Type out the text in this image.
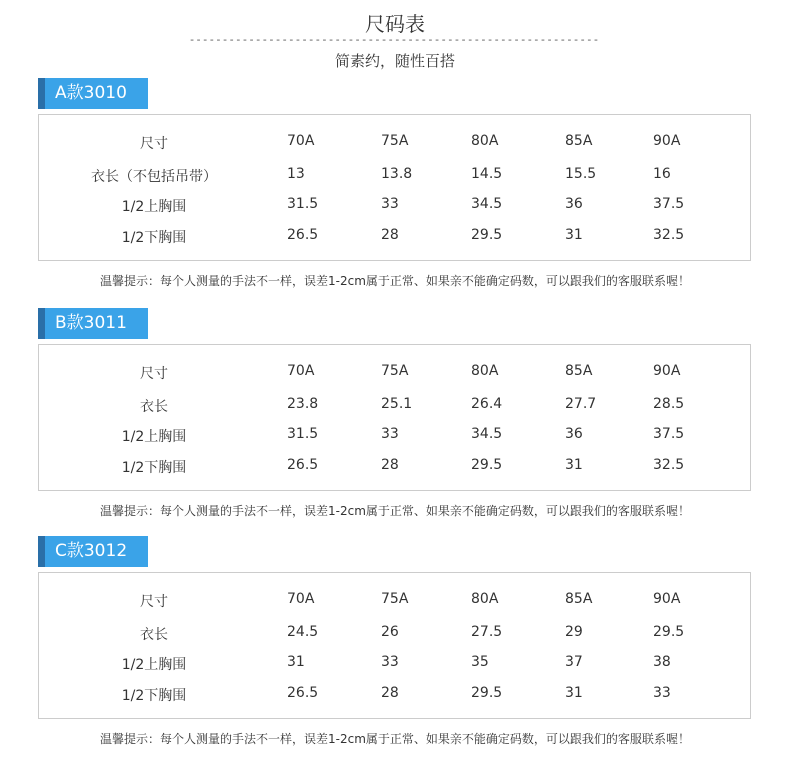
尺码表
--------------------------------------------------------------
简素约，随性百搭
A款3010
尺寸	70A	75A	80A	85A	90A
衣长（不包括吊带）	13	13.8	14.5	15.5	16
1/2上胸围	31.5	33	34.5	36	37.5
1/2下胸围	26.5	28	29.5	31	32.5
温馨提示：每个人测量的手法不一样，误差1-2cm属于正常、如果亲不能确定码数，可以跟我们的客服联系喔！
B款3011
尺寸	70A	75A	80A	85A	90A
衣长	23.8	25.1	26.4	27.7	28.5
1/2上胸围	31.5	33	34.5	36	37.5
1/2下胸围	26.5	28	29.5	31	32.5
温馨提示：每个人测量的手法不一样，误差1-2cm属于正常、如果亲不能确定码数，可以跟我们的客服联系喔！
C款3012
尺寸	70A	75A	80A	85A	90A
衣长	24.5	26	27.5	29	29.5
1/2上胸围	31	33	35	37	38
1/2下胸围	26.5	28	29.5	31	33
温馨提示：每个人测量的手法不一样，误差1-2cm属于正常、如果亲不能确定码数，可以跟我们的客服联系喔！
